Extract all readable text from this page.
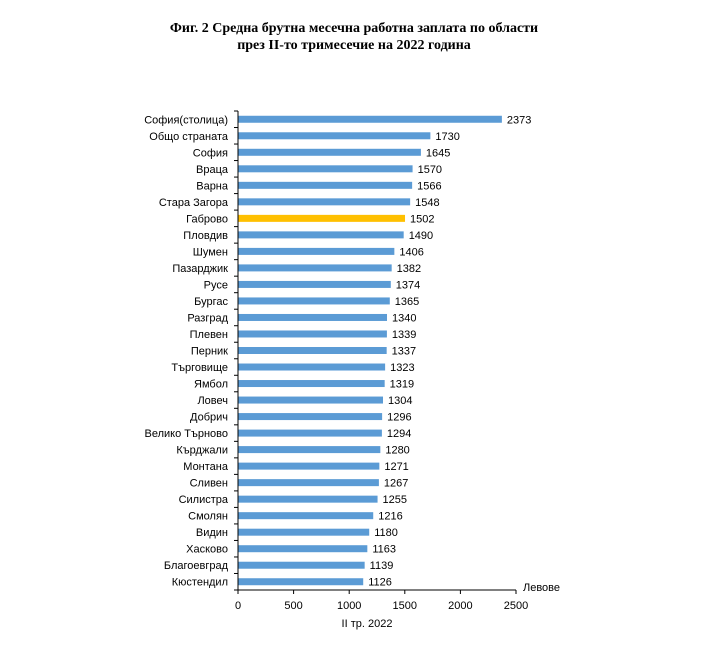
Фиг. 2 Средна брутна месечна работна заплата по области
през II-то тримесечие на 2022 година
София(столица)	2373
Общо страната	1730
София	1645
Враца	1570
Варна	1566
Стара Загора	1548
Габрово	1502
Пловдив	1490
Шумен	1406
Пазарджик	1382
Русе	1374
Бургас	1365
Разград	1340
Плевен	1339
Перник	1337
Търговище	1323
Ямбол	1319
Ловеч	1304
Добрич	1296
Велико Търново	1294
Кърджали	1280
Монтана	1271
Сливен	1267
Силистра	1255
Смолян	1216
Видин	1180
Хасково	1163
Благоевград	1139
Кюстендил	1126
0	500	1000	1500	2000	2500
Левове
II тр. 2022
